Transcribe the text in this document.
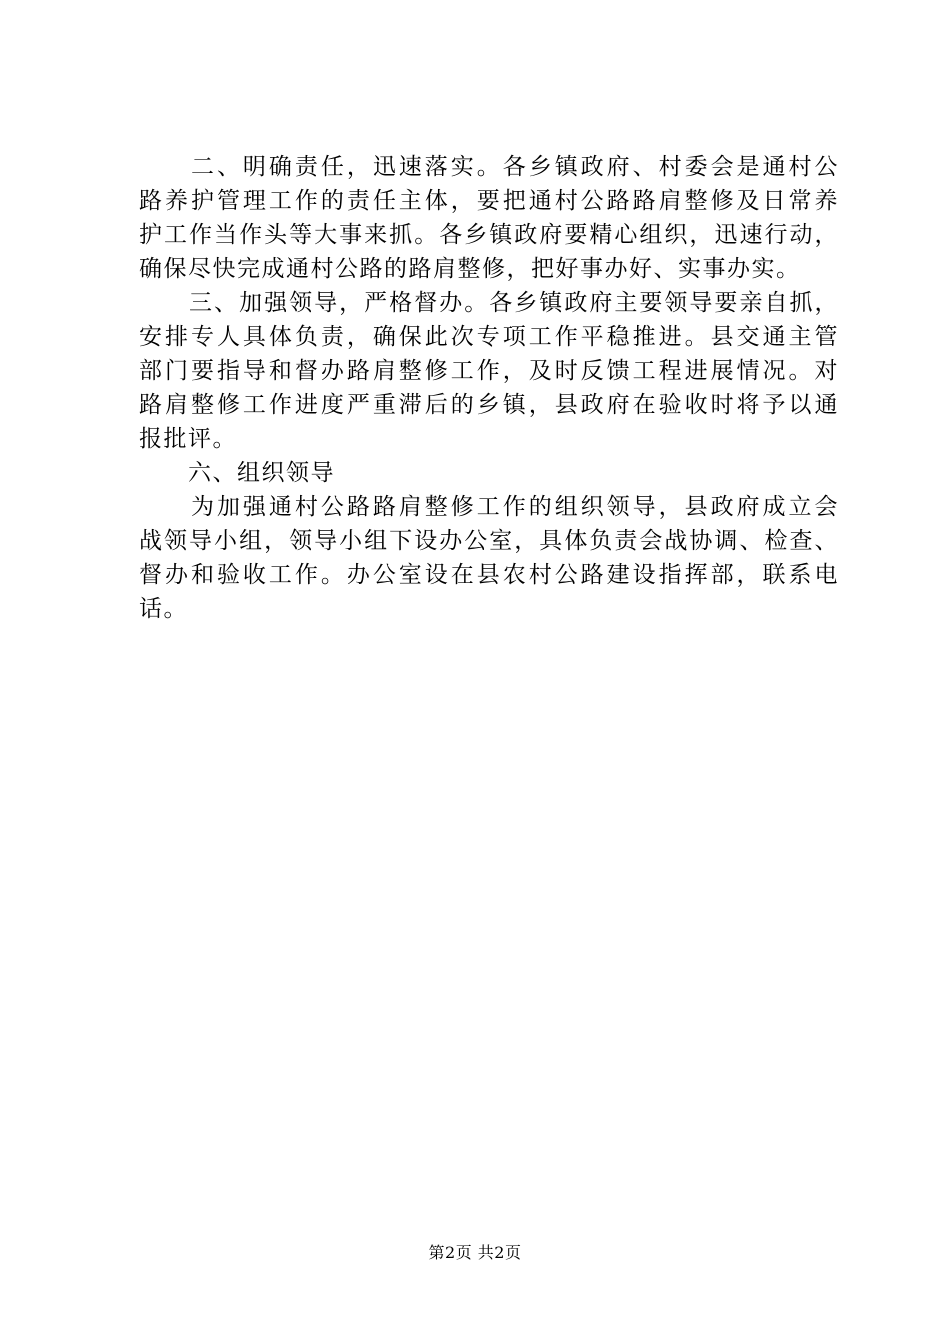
　　二、明确责任，迅速落实。各乡镇政府、村委会是通村公
路养护管理工作的责任主体，要把通村公路路肩整修及日常养
护工作当作头等大事来抓。各乡镇政府要精心组织，迅速行动，
确保尽快完成通村公路的路肩整修，把好事办好、实事办实。
　　三、加强领导，严格督办。各乡镇政府主要领导要亲自抓，
安排专人具体负责，确保此次专项工作平稳推进。县交通主管
部门要指导和督办路肩整修工作，及时反馈工程进展情况。对
路肩整修工作进度严重滞后的乡镇，县政府在验收时将予以通
报批评。
　　六、组织领导
　　为加强通村公路路肩整修工作的组织领导，县政府成立会
战领导小组，领导小组下设办公室，具体负责会战协调、检查、
督办和验收工作。办公室设在县农村公路建设指挥部，联系电
话。
第2页 共2页
